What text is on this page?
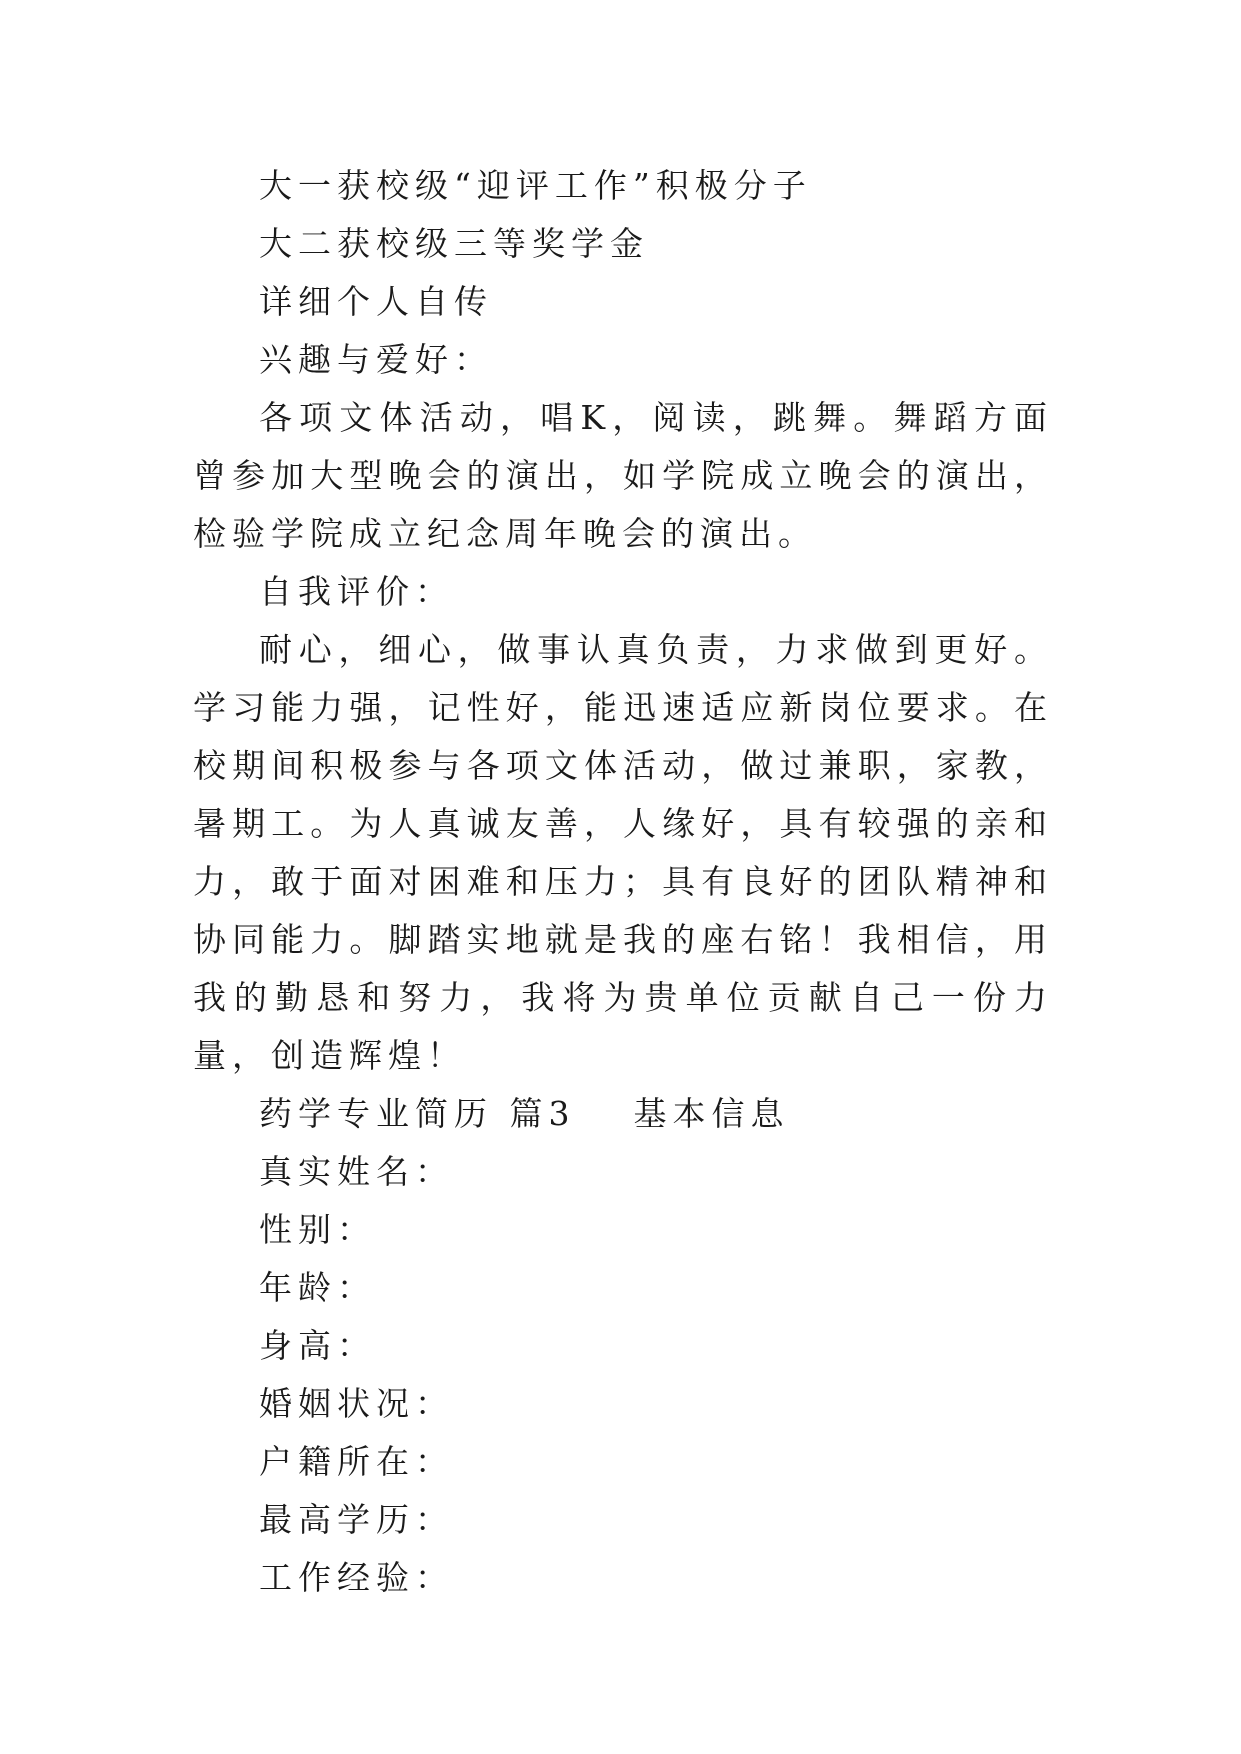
大一获校级“迎评工作”积极分子

大二获校级三等奖学金

详细个人自传

兴趣与爱好：

各项文体活动，唱K，阅读，跳舞。舞蹈方面曾参加大型晚会的演出，如学院成立晚会的演出，检验学院成立纪念周年晚会的演出。

自我评价：

耐心，细心，做事认真负责，力求做到更好。学习能力强，记性好，能迅速适应新岗位要求。在校期间积极参与各项文体活动，做过兼职，家教，暑期工。为人真诚友善，人缘好，具有较强的亲和力，敢于面对困难和压力；具有良好的团队精神和协同能力。脚踏实地就是我的座右铭！我相信，用我的勤恳和努力，我将为贵单位贡献自己一份力量，创造辉煌！

药学专业简历 篇3 基本信息

真实姓名：

性别：

年龄：

身高：

婚姻状况：

户籍所在：

最高学历：

工作经验：
